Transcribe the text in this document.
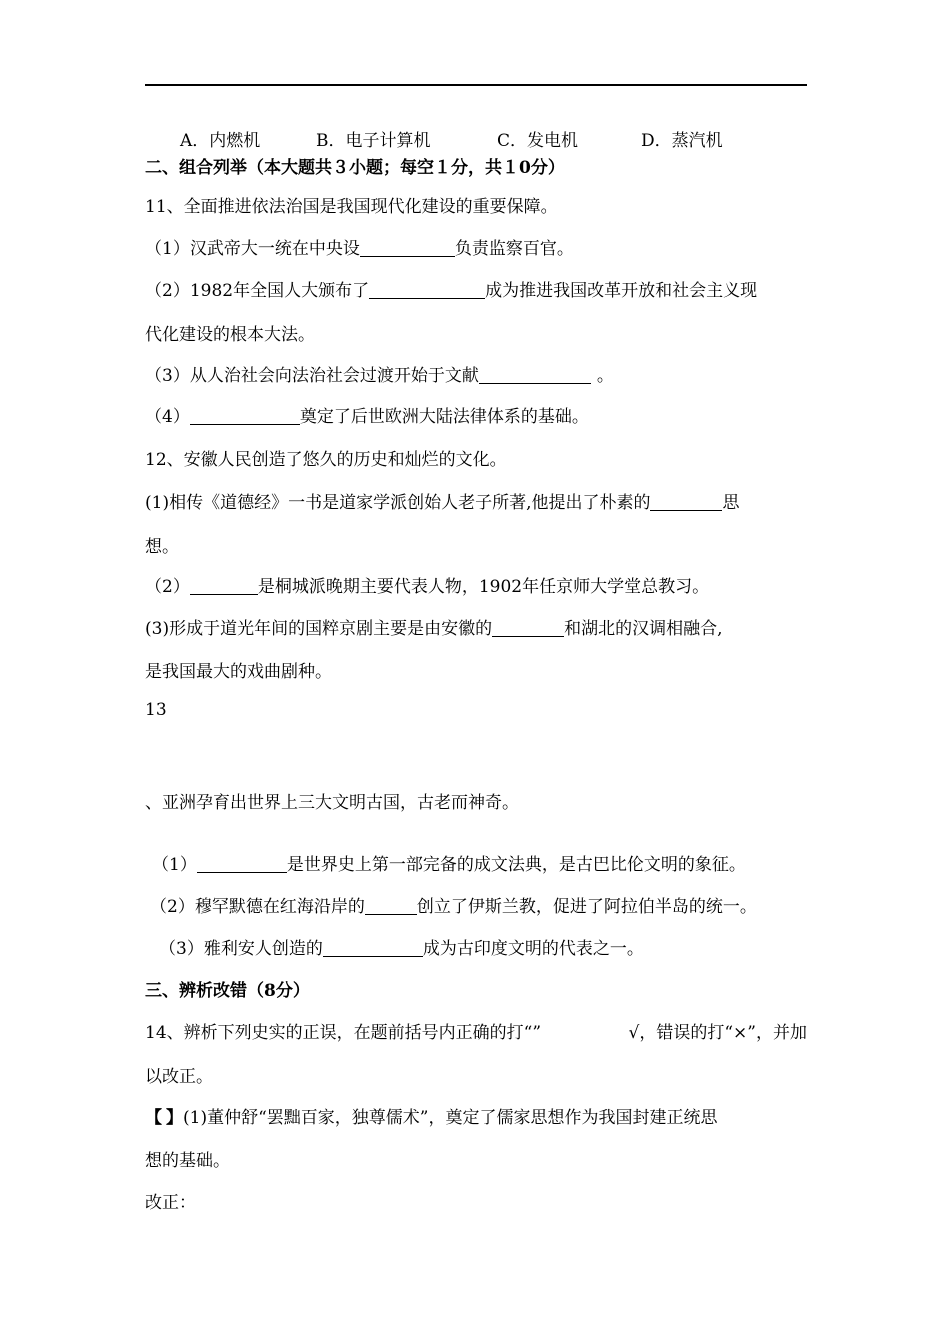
A．内燃机	B．电子计算机	C．发电机	D．蒸汽机
二、组合列举（本大题共３小题；每空１分，共１0分）
11、全面推进依法治国是我国现代化建设的重要保障。
（1）汉武帝大一统在中央设	负责监察百官。
（2）1982年全国人大颁布了	成为推进我国改革开放和社会主义现
代化建设的根本大法。
（3）从人治社会向法治社会过渡开始于文献	。
（4）	奠定了后世欧洲大陆法律体系的基础。
12、安徽人民创造了悠久的历史和灿烂的文化。
(1)相传《道德经》一书是道家学派创始人老子所著,他提出了朴素的	思
想。
（2）	是桐城派晚期主要代表人物，1902年任京师大学堂总教习。
(3)形成于道光年间的国粹京剧主要是由安徽的	和湖北的汉调相融合,
是我国最大的戏曲剧种。
13
、亚洲孕育出世界上三大文明古国，古老而神奇。
（1）	是世界史上第一部完备的成文法典，是古巴比伦文明的象征。
（2）穆罕默德在红海沿岸的	创立了伊斯兰教，促进了阿拉伯半岛的统一。
（3）雅利安人创造的	成为古印度文明的代表之一。
三、辨析改错（8分）
14、辨析下列史实的正误，在题前括号内正确的打“”	√，错误的打“×”，并加
以改正。
【 】(1)董仲舒“罢黜百家，独尊儒术”，奠定了儒家思想作为我国封建正统思
想的基础。
改正：
